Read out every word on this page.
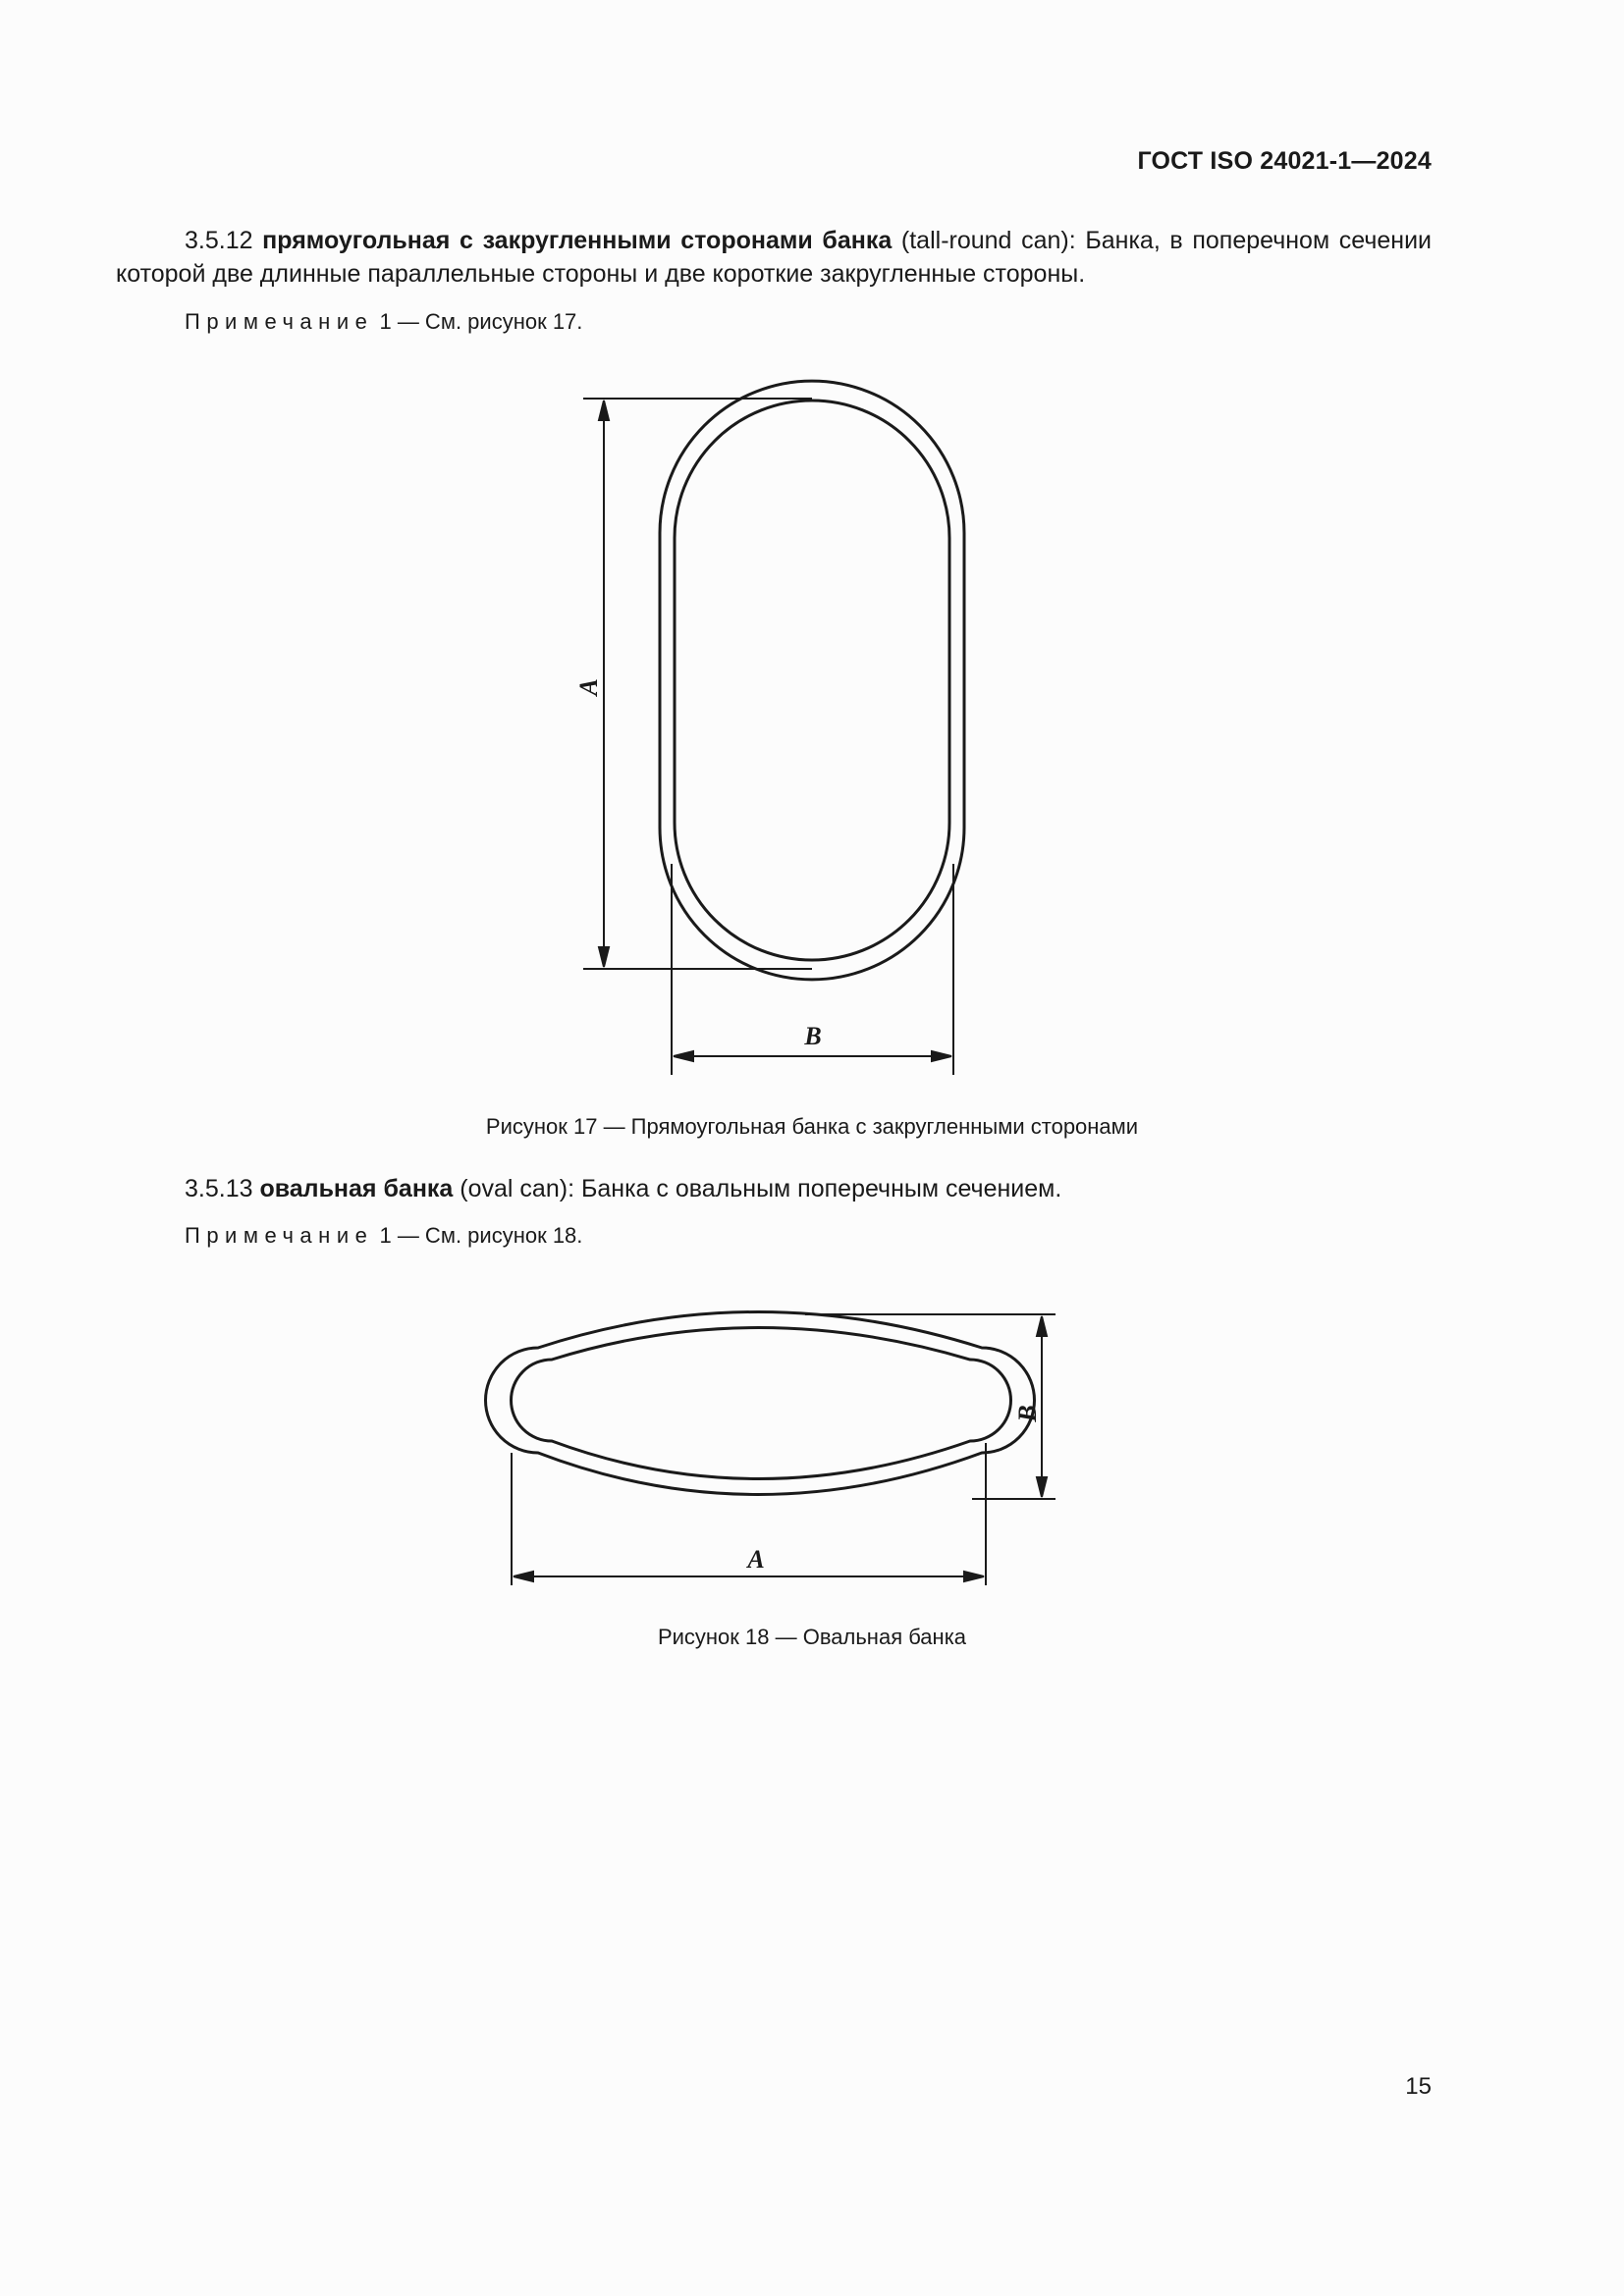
ГОСТ ISO 24021-1—2024

3.5.12 прямоугольная с закругленными сторонами банка (tall-round can): Банка, в поперечном сечении которой две длинные параллельные стороны и две короткие закругленные стороны.

Примечание 1 — См. рисунок 17.

A
B

Рисунок 17 — Прямоугольная банка с закругленными сторонами

3.5.13 овальная банка (oval can): Банка с овальным поперечным сечением.

Примечание 1 — См. рисунок 18.

B
A

Рисунок 18 — Овальная банка

15
